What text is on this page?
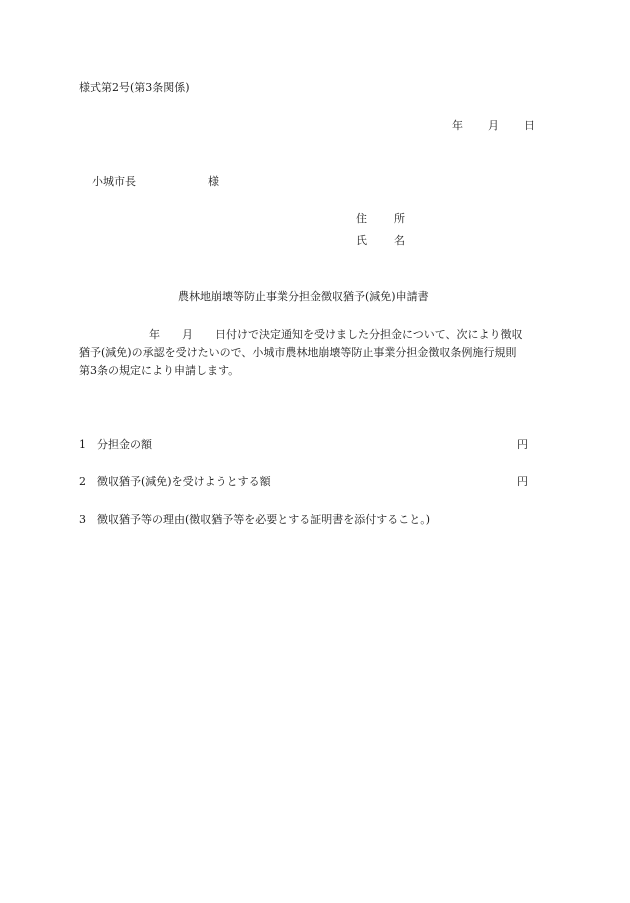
様式第2号(第3条関係)
年 月 日
小城市長	様
住 所
氏 名
農林地崩壊等防止事業分担金徴収猶予(減免)申請書
年 月 日付けで決定通知を受けました分担金について、次により徴収
猶予(減免)の承認を受けたいので、小城市農林地崩壊等防止事業分担金徴収条例施行規則
第3条の規定により申請します。
1 分担金の額	円
2 徴収猶予(減免)を受けようとする額	円
3 徴収猶予等の理由(徴収猶予等を必要とする証明書を添付すること。)
